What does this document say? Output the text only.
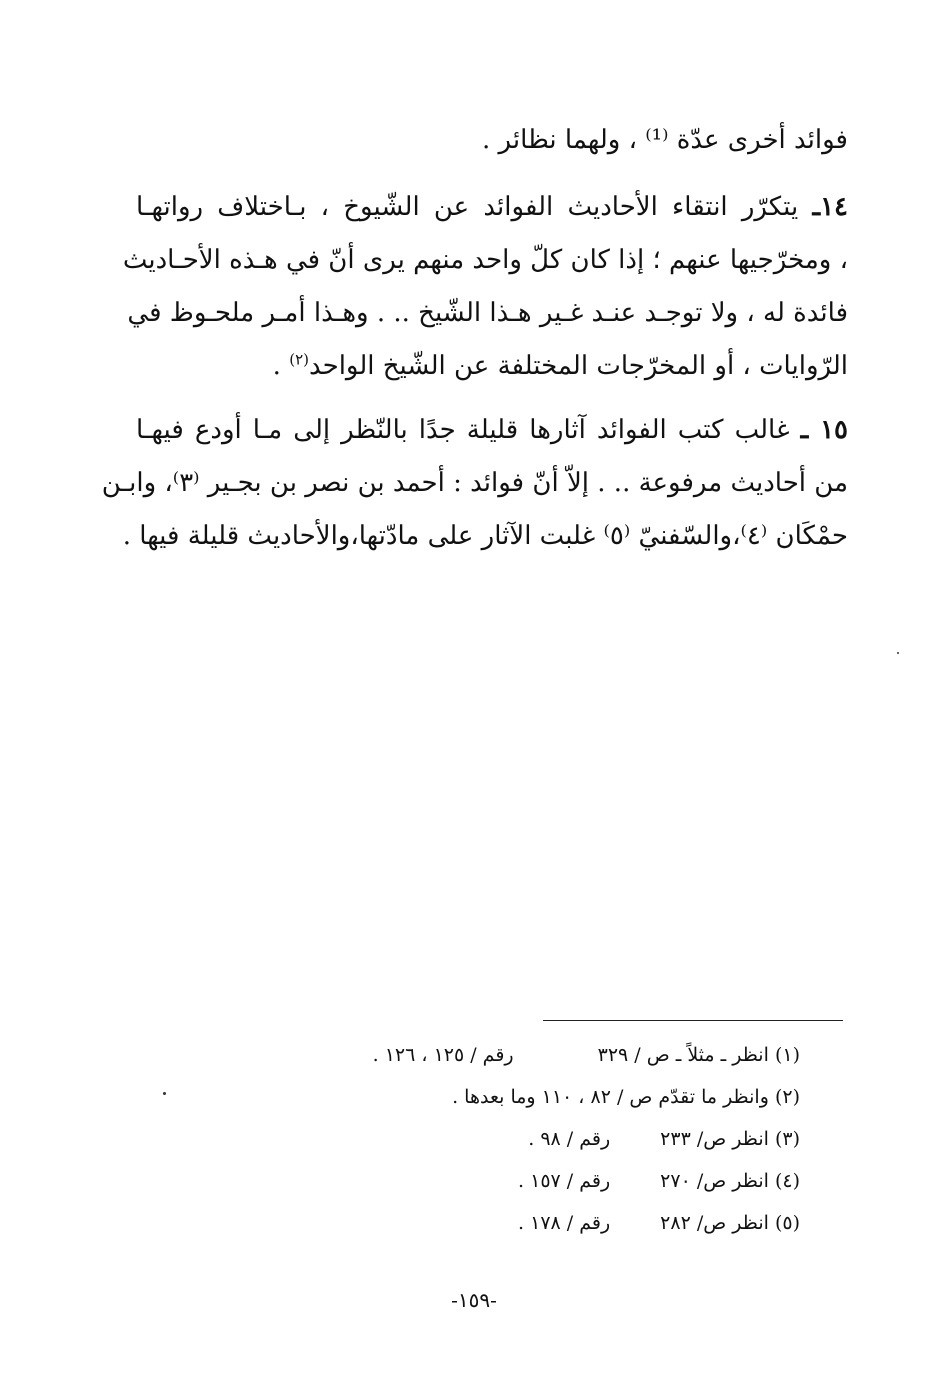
فوائد أخرى عدّة ⁽¹⁾ ، ولهما نظائر .
١٤ـ يتكرّر انتقاء الأحاديث الفوائد عن الشّيوخ ، بـاختلاف رواتهـا
، ومخرّجيها عنهم ؛ إذا كان كلّ واحد منهم يرى أنّ في هـذه الأحـاديث
فائدة له ، ولا توجـد عنـد غـير هـذا الشّيخ .. . وهـذا أمـر ملحـوظ في
الرّوايات ، أو المخرّجات المختلفة عن الشّيخ الواحد$^{(٢)}$ .
١٥ ـ غالب كتب الفوائد آثارها قليلة جدًا بالنّظر إلى مـا أودع فيهـا
من أحاديث مرفوعة .. . إلاّ أنّ فوائد : أحمد بن نصر بن بجـير ⁽٣⁾، وابـن
حمْكَان ⁽٤⁾،والسّفنيّ ⁽٥⁾ غلبت الآثار على مادّتها،والأحاديث قليلة فيها .
(١) انظر ـ مثلاً ـ ص / ٣٢٩ رقم / ١٢٥ ، ١٢٦ .
(٢) وانظر ما تقدّم ص / ٨٢ ، ١١٠ وما بعدها .
(٣) انظر ص/ ٢٣٣ رقم / ٩٨ .
(٤) انظر ص/ ٢٧٠ رقم / ١٥٧ .
(٥) انظر ص/ ٢٨٢ رقم / ١٧٨ .
-١٥٩-
